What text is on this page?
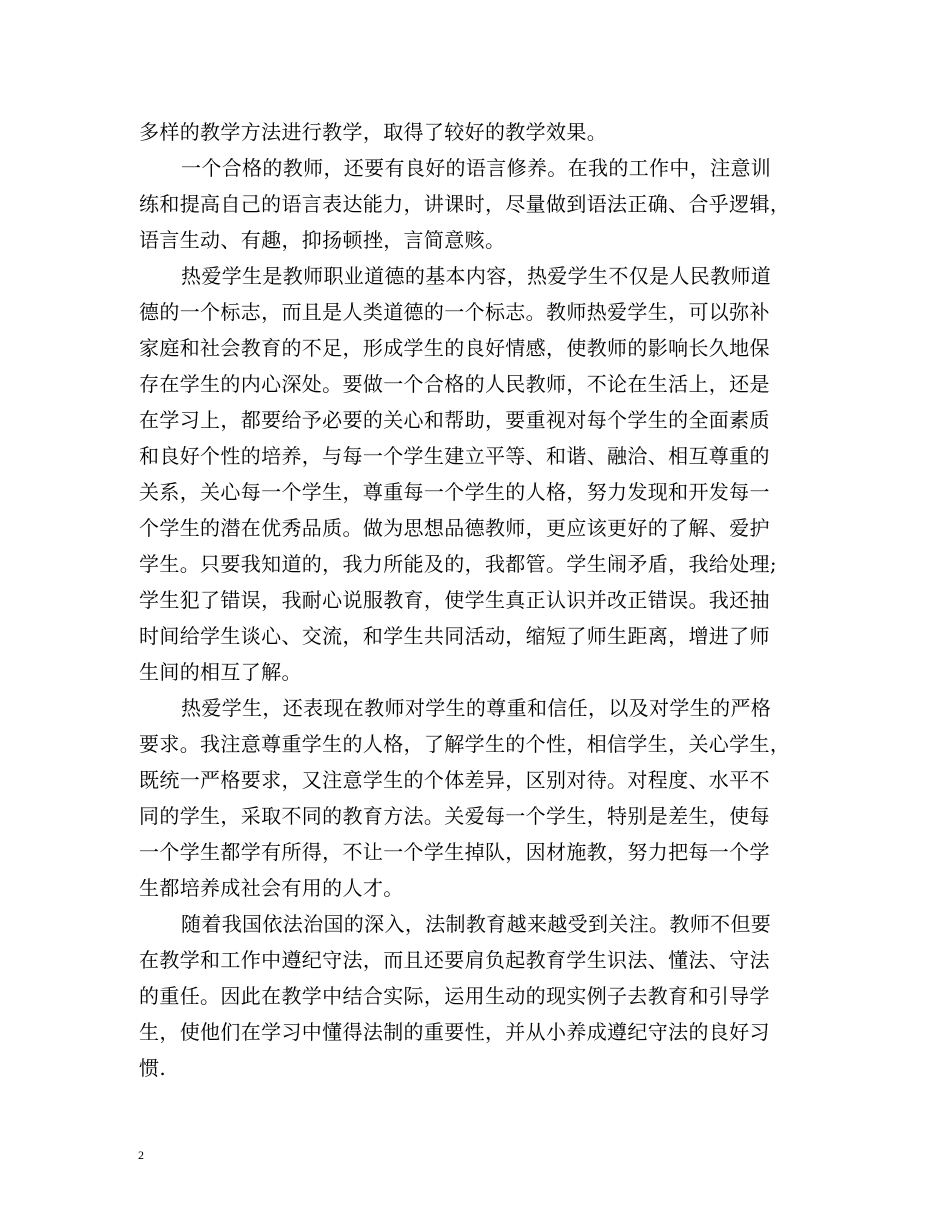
多样的教学方法进行教学，取得了较好的教学效果。
一个合格的教师，还要有良好的语言修养。在我的工作中，注意训
练和提高自己的语言表达能力，讲课时，尽量做到语法正确、合乎逻辑，
语言生动、有趣，抑扬顿挫，言简意赅。
热爱学生是教师职业道德的基本内容，热爱学生不仅是人民教师道
德的一个标志，而且是人类道德的一个标志。教师热爱学生，可以弥补
家庭和社会教育的不足，形成学生的良好情感，使教师的影响长久地保
存在学生的内心深处。要做一个合格的人民教师，不论在生活上，还是
在学习上，都要给予必要的关心和帮助，要重视对每个学生的全面素质
和良好个性的培养，与每一个学生建立平等、和谐、融洽、相互尊重的
关系，关心每一个学生，尊重每一个学生的人格，努力发现和开发每一
个学生的潜在优秀品质。做为思想品德教师，更应该更好的了解、爱护
学生。只要我知道的，我力所能及的，我都管。学生闹矛盾，我给处理;
学生犯了错误，我耐心说服教育，使学生真正认识并改正错误。我还抽
时间给学生谈心、交流，和学生共同活动，缩短了师生距离，增进了师
生间的相互了解。
热爱学生，还表现在教师对学生的尊重和信任，以及对学生的严格
要求。我注意尊重学生的人格，了解学生的个性，相信学生，关心学生，
既统一严格要求，又注意学生的个体差异，区别对待。对程度、水平不
同的学生，采取不同的教育方法。关爱每一个学生，特别是差生，使每
一个学生都学有所得，不让一个学生掉队，因材施教，努力把每一个学
生都培养成社会有用的人才。
随着我国依法治国的深入，法制教育越来越受到关注。教师不但要
在教学和工作中遵纪守法，而且还要肩负起教育学生识法、懂法、守法
的重任。因此在教学中结合实际，运用生动的现实例子去教育和引导学
生，使他们在学习中懂得法制的重要性，并从小养成遵纪守法的良好习
惯.
2
